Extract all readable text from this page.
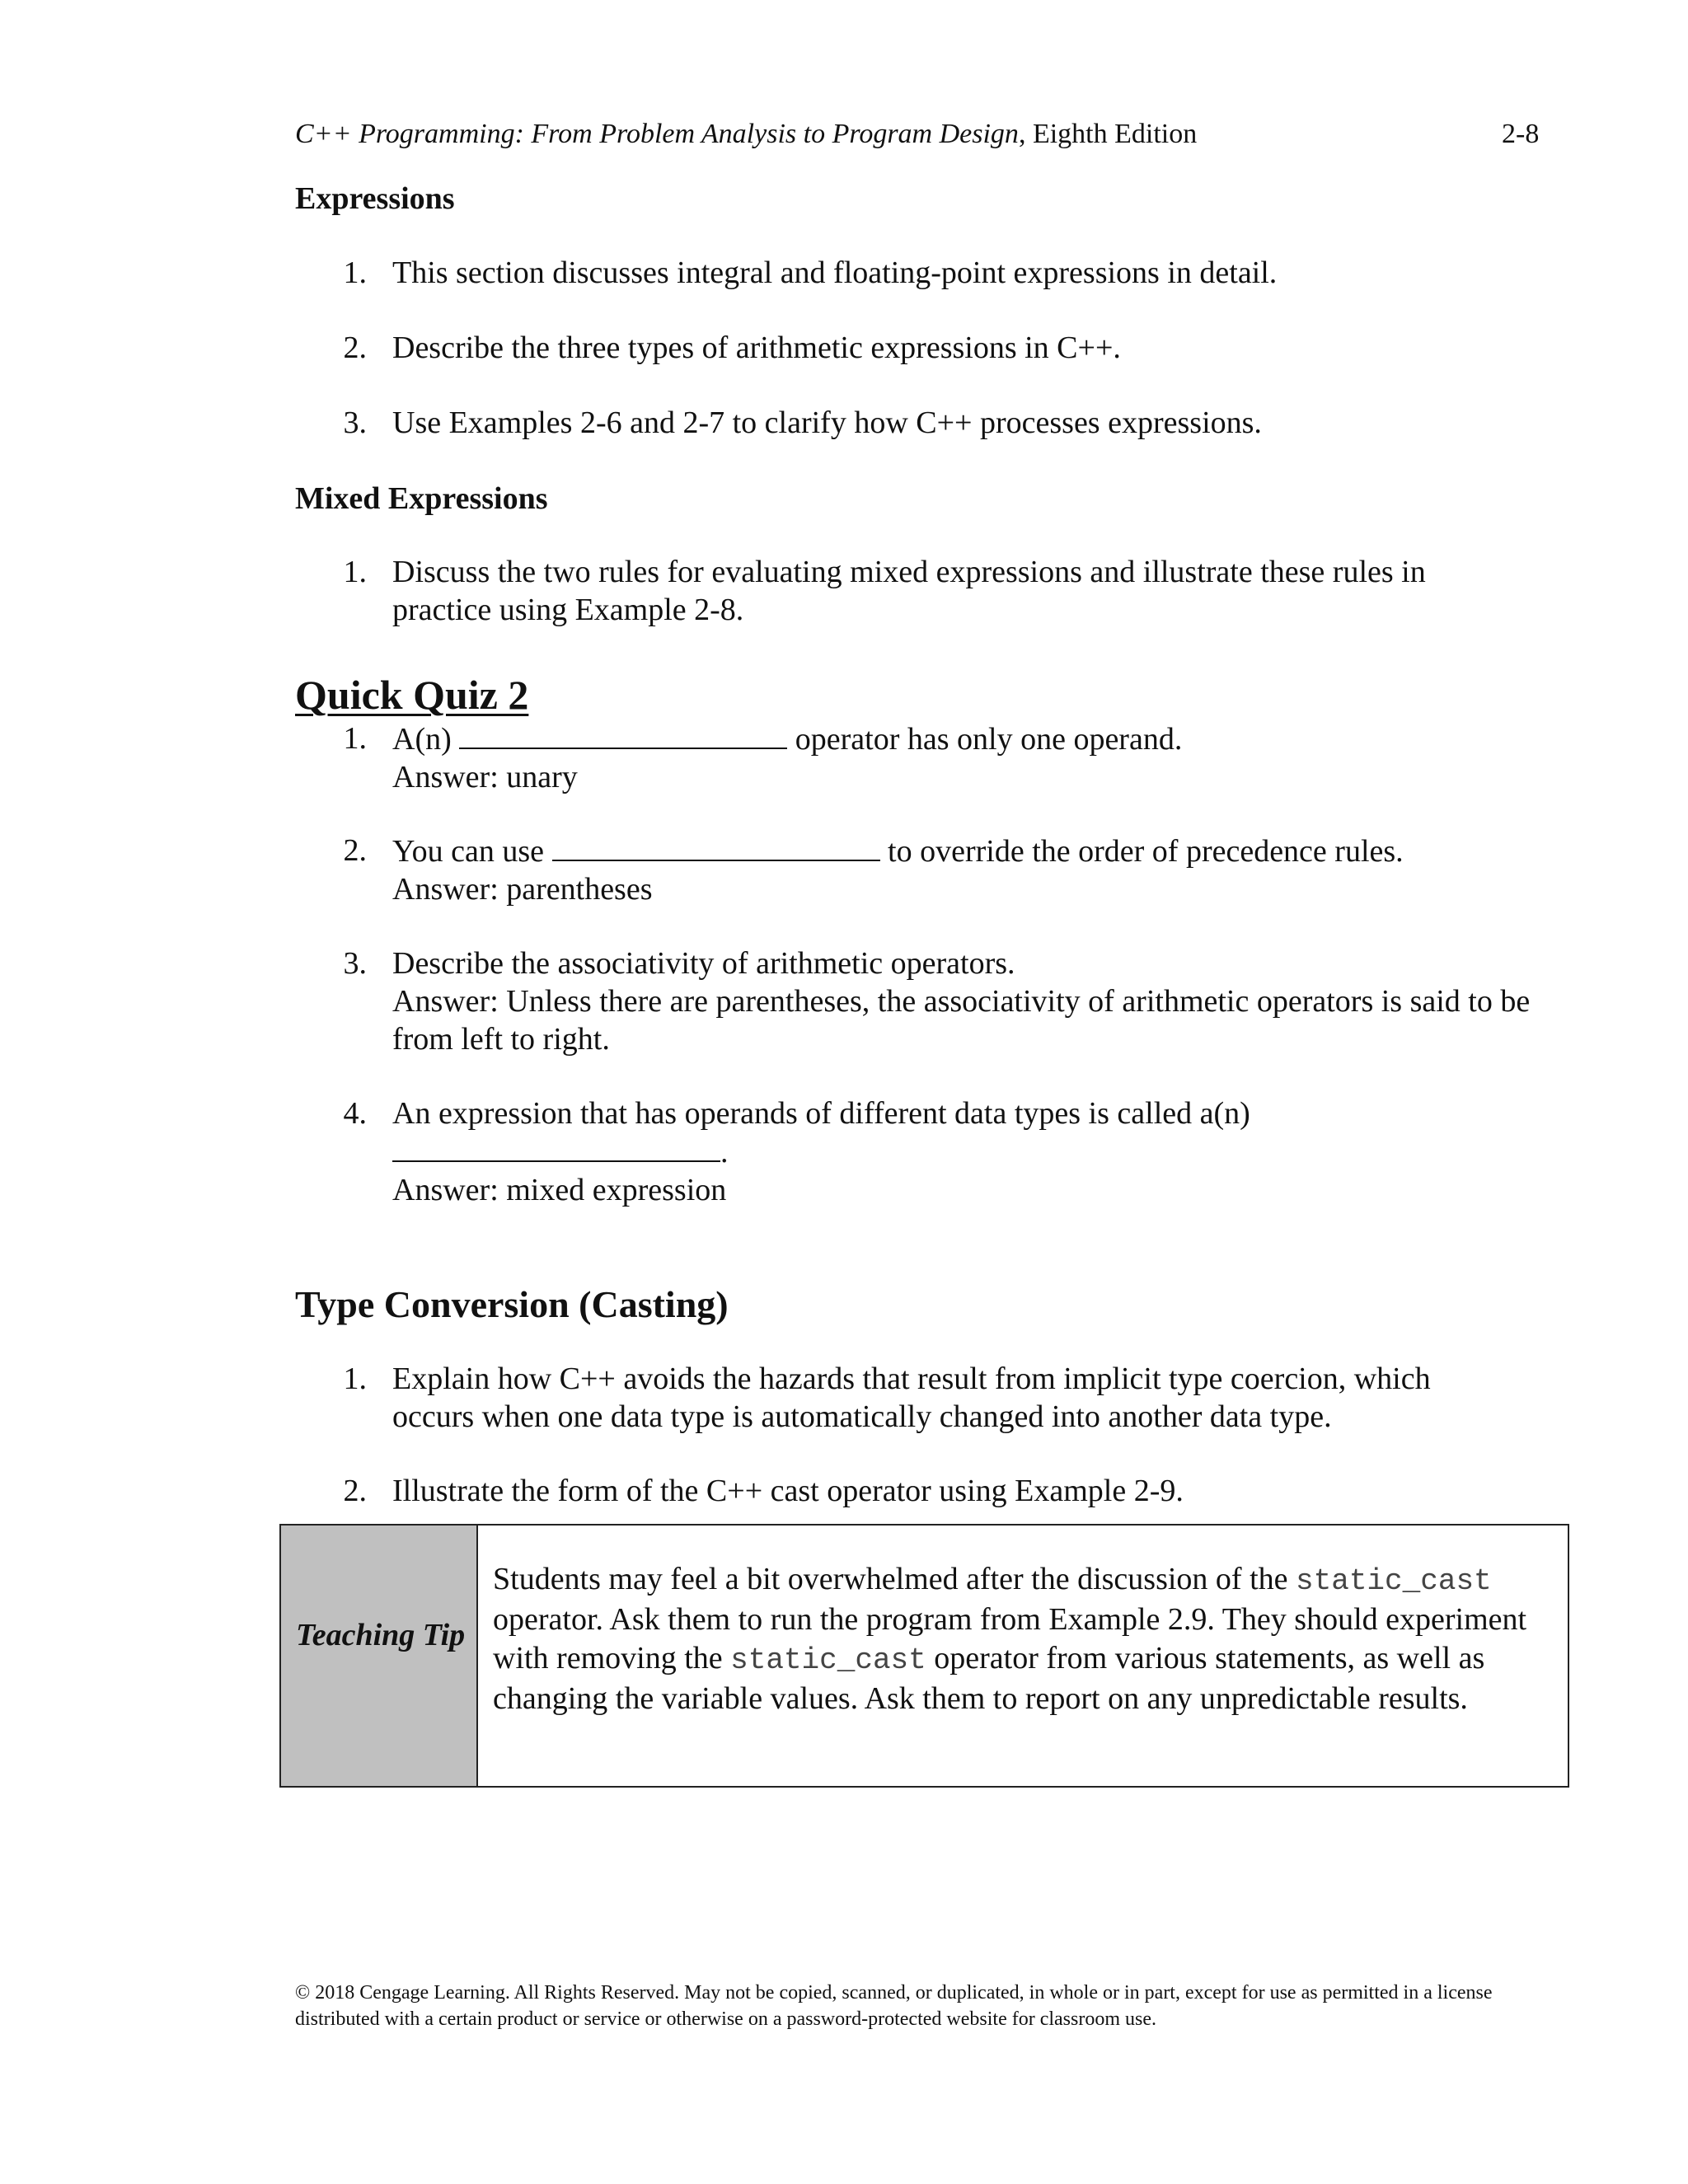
C++ Programming: From Problem Analysis to Program Design, Eighth Edition	2-8
Expressions
1. This section discusses integral and floating-point expressions in detail.
2. Describe the three types of arithmetic expressions in C++.
3. Use Examples 2-6 and 2-7 to clarify how C++ processes expressions.
Mixed Expressions
1. Discuss the two rules for evaluating mixed expressions and illustrate these rules in practice using Example 2-8.
Quick Quiz 2
1. A(n)	operator has only one operand.
Answer: unary
2. You can use	to override the order of precedence rules.
Answer: parentheses
3. Describe the associativity of arithmetic operators.
Answer: Unless there are parentheses, the associativity of arithmetic operators is said to be from left to right.
4. An expression that has operands of different data types is called a(n)
.
Answer: mixed expression
Type Conversion (Casting)
1. Explain how C++ avoids the hazards that result from implicit type coercion, which occurs when one data type is automatically changed into another data type.
2. Illustrate the form of the C++ cast operator using Example 2-9.
Teaching Tip
Students may feel a bit overwhelmed after the discussion of the static_cast operator. Ask them to run the program from Example 2.9. They should experiment with removing the static_cast operator from various statements, as well as changing the variable values. Ask them to report on any unpredictable results.
© 2018 Cengage Learning. All Rights Reserved. May not be copied, scanned, or duplicated, in whole or in part, except for use as permitted in a license distributed with a certain product or service or otherwise on a password-protected website for classroom use.
